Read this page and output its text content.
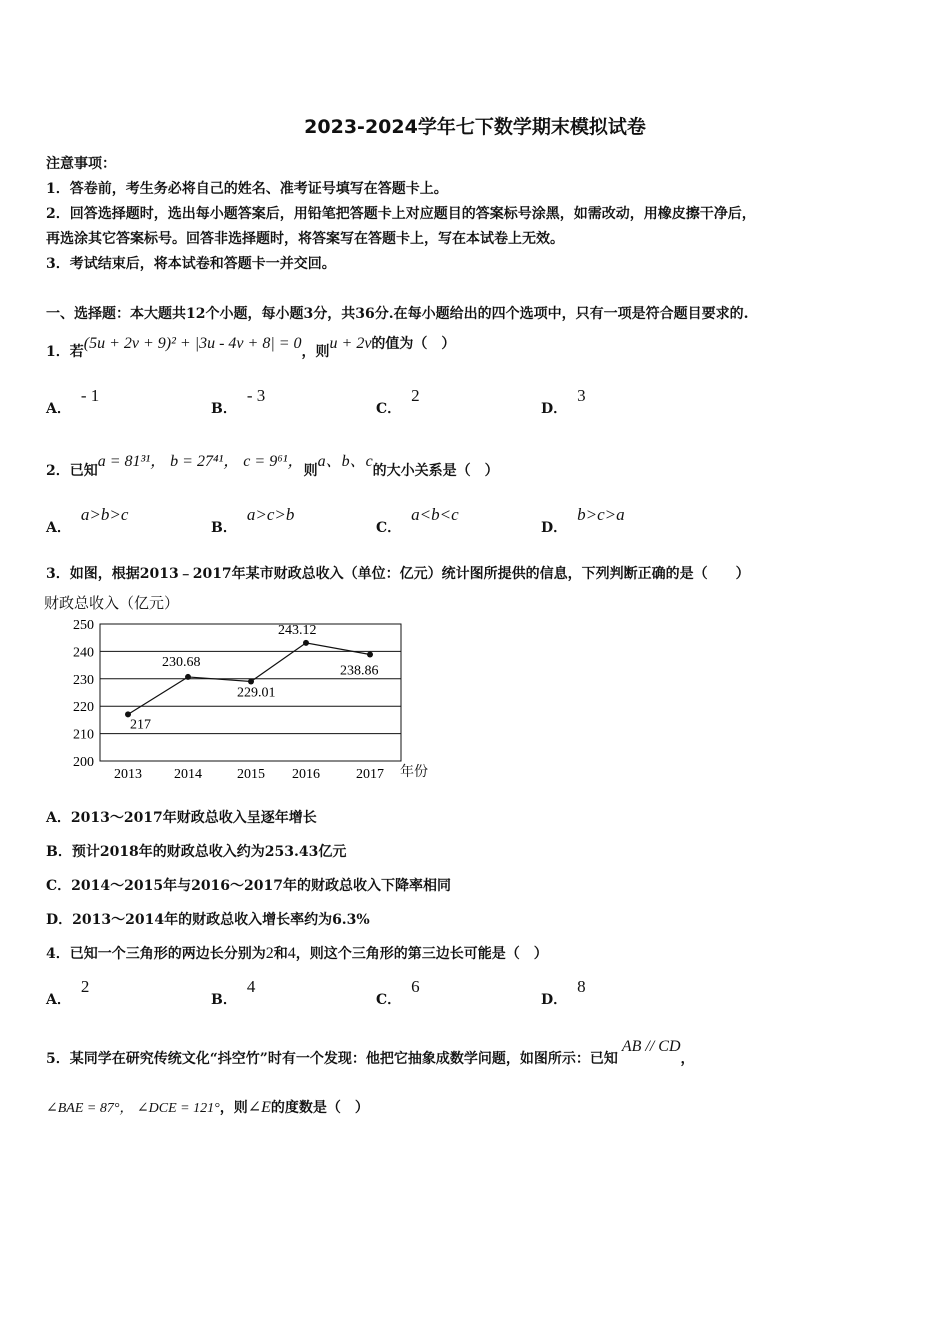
2023-2024学年七下数学期末模拟试卷
注意事项：
1．答卷前，考生务必将自己的姓名、准考证号填写在答题卡上。
2．回答选择题时，选出每小题答案后，用铅笔把答题卡上对应题目的答案标号涂黑，如需改动，用橡皮擦干净后，
再选涂其它答案标号。回答非选择题时，将答案写在答题卡上，写在本试卷上无效。
3．考试结束后，将本试卷和答题卡一并交回。
一、选择题：本大题共12个小题，每小题3分，共36分.在每小题给出的四个选项中，只有一项是符合题目要求的.
1．若(5u + 2v + 9)² + |3u - 4v + 8| = 0，则u + 2v的值为（　）
A．- 1
B．- 3
C．2
D．3
2．已知a = 81³¹， b = 27⁴¹， c = 9⁶¹，则a、b、c的大小关系是（　）
A．a>b>c
B．a>c>b
C．a<b<c
D．b>c>a
3．如图，根据2013﹣2017年某市财政总收入（单位：亿元）统计图所提供的信息，下列判断正确的是（　　）
财政总收入（亿元）
200
210
220
230
240
250
2013 2014	2015 2016	2017
217
230.68
229.01
243.12
238.86
年份
A．2013～2017年财政总收入呈逐年增长
B．预计2018年的财政总收入约为253.43亿元
C．2014～2015年与2016～2017年的财政总收入下降率相同
D．2013～2014年的财政总收入增长率约为6.3%
4．已知一个三角形的两边长分别为2和4，则这个三角形的第三边长可能是（　）
A．2
B．4
C．6
D．8
5．某同学在研究传统文化“抖空竹”时有一个发现：他把它抽象成数学问题，如图所示：已知AB // CD，
∠BAE = 87°， ∠DCE = 121°，则∠E的度数是（　）
